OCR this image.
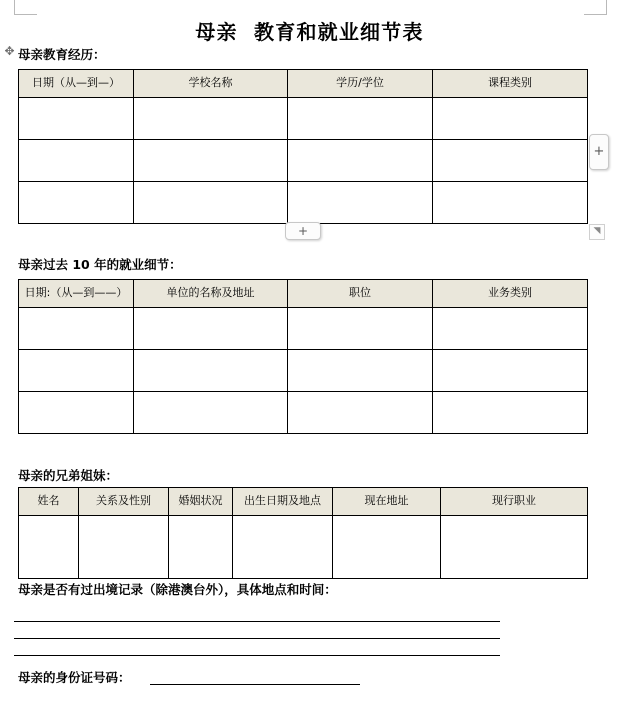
母亲  教育和就业细节表
母亲教育经历：
✥
日期（从—到—）	学校名称	学历/学位	课程类别

+
+	◥
母亲过去 10 年的就业细节：
日期:（从—到——）	单位的名称及地址	职位	业务类别

母亲的兄弟姐妹：
姓名	关系及性别	婚姻状况	出生日期及地点	现在地址	现行职业

母亲是否有过出境记录（除港澳台外），具体地点和时间：
母亲的身份证号码：
